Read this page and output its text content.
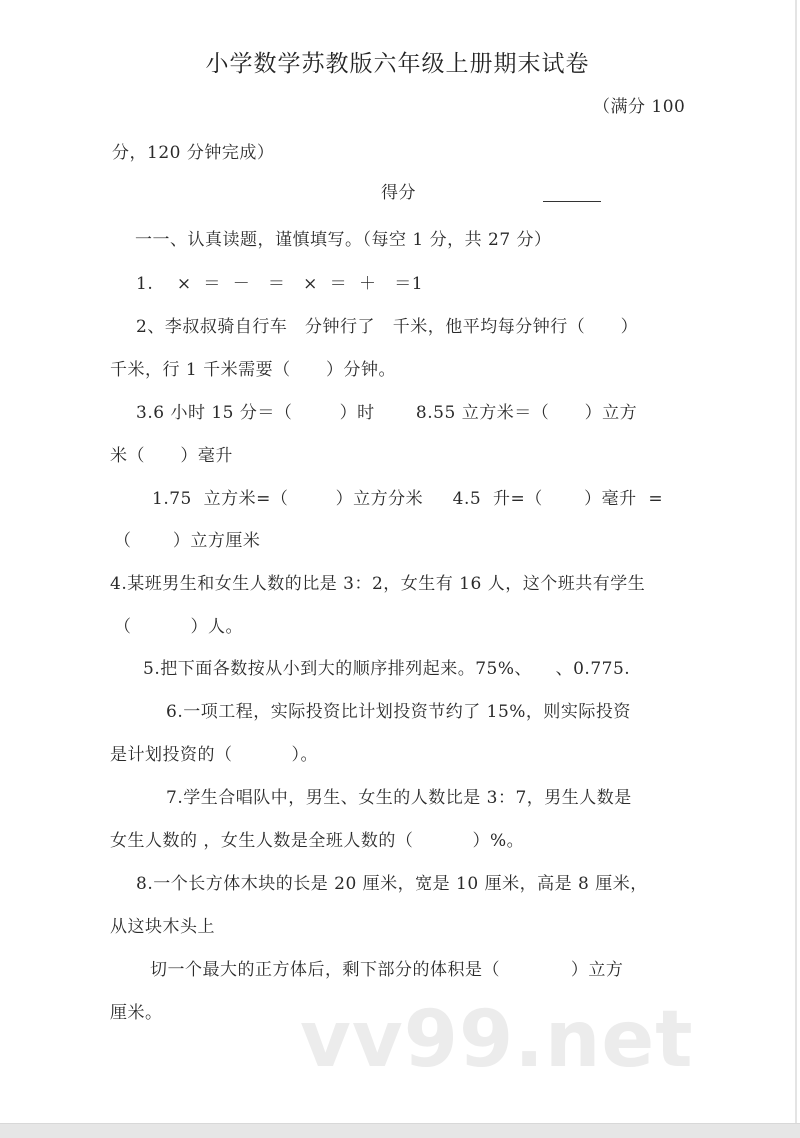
小学数学苏教版六年级上册期末试卷
（满分 100
分，120 分钟完成）
得分
一一、认真读题，谨慎填写。（每空 1 分，共 27 分）
1.    ×  ＝  －   ＝   ×  ＝  ＋   ＝1
2、李叔叔骑自行车   分钟行了   千米，他平均每分钟行（      ）
千米，行 1 千米需要（      ）分钟。
3.6 小时 15 分＝（        ）时       8.55 立方米＝（      ）立方
米（      ）毫升
1.75  立方米=（        ）立方分米     4.5  升=（       ）毫升  =
（       ）立方厘米
4.某班男生和女生人数的比是 3：2，女生有 16 人，这个班共有学生
（          ）人。
5.把下面各数按从小到大的顺序排列起来。75%、    、0.775.
6.一项工程，实际投资比计划投资节约了 15%，则实际投资
是计划投资的（          ）。
7.学生合唱队中，男生、女生的人数比是 3：7，男生人数是
女生人数的 ，女生人数是全班人数的（          ）%。
8.一个长方体木块的长是 20 厘米，宽是 10 厘米，高是 8 厘米，
从这块木头上
切一个最大的正方体后，剩下部分的体积是（            ）立方
厘米。 vv99.net
